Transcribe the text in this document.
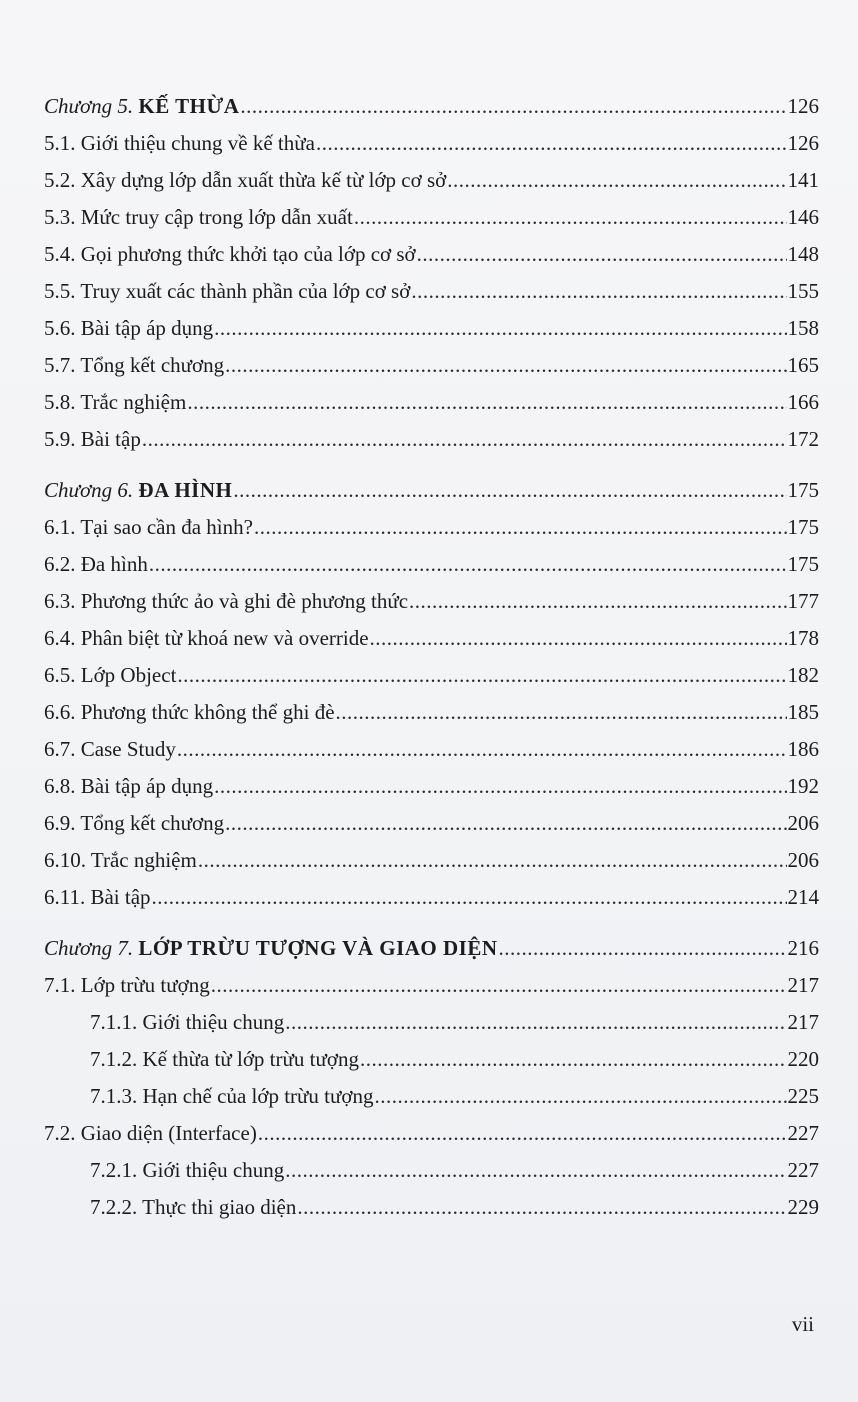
Chương 5. KẾ THỪA .....	126
5.1. Giới thiệu chung về kế thừa .....	126
5.2. Xây dựng lớp dẫn xuất thừa kế từ lớp cơ sở .....	141
5.3. Mức truy cập trong lớp dẫn xuất .....	146
5.4. Gọi phương thức khởi tạo của lớp cơ sở .....	148
5.5. Truy xuất các thành phần của lớp cơ sở .....	155
5.6. Bài tập áp dụng .....	158
5.7. Tổng kết chương .....	165
5.8. Trắc nghiệm .....	166
5.9. Bài tập .....	172
Chương 6. ĐA HÌNH .....	175
6.1. Tại sao cần đa hình? .....	175
6.2. Đa hình .....	175
6.3. Phương thức ảo và ghi đè phương thức .....	177
6.4. Phân biệt từ khoá new và override .....	178
6.5. Lớp Object .....	182
6.6. Phương thức không thể ghi đè .....	185
6.7. Case Study .....	186
6.8. Bài tập áp dụng .....	192
6.9. Tổng kết chương .....	206
6.10. Trắc nghiệm .....	206
6.11. Bài tập .....	214
Chương 7. LỚP TRỪU TƯỢNG VÀ GIAO DIỆN .....	216
7.1. Lớp trừu tượng .....	217
7.1.1. Giới thiệu chung .....	217
7.1.2. Kế thừa từ lớp trừu tượng .....	220
7.1.3. Hạn chế của lớp trừu tượng .....	225
7.2. Giao diện (Interface) .....	227
7.2.1. Giới thiệu chung .....	227
7.2.2. Thực thi giao diện .....	229
vii
